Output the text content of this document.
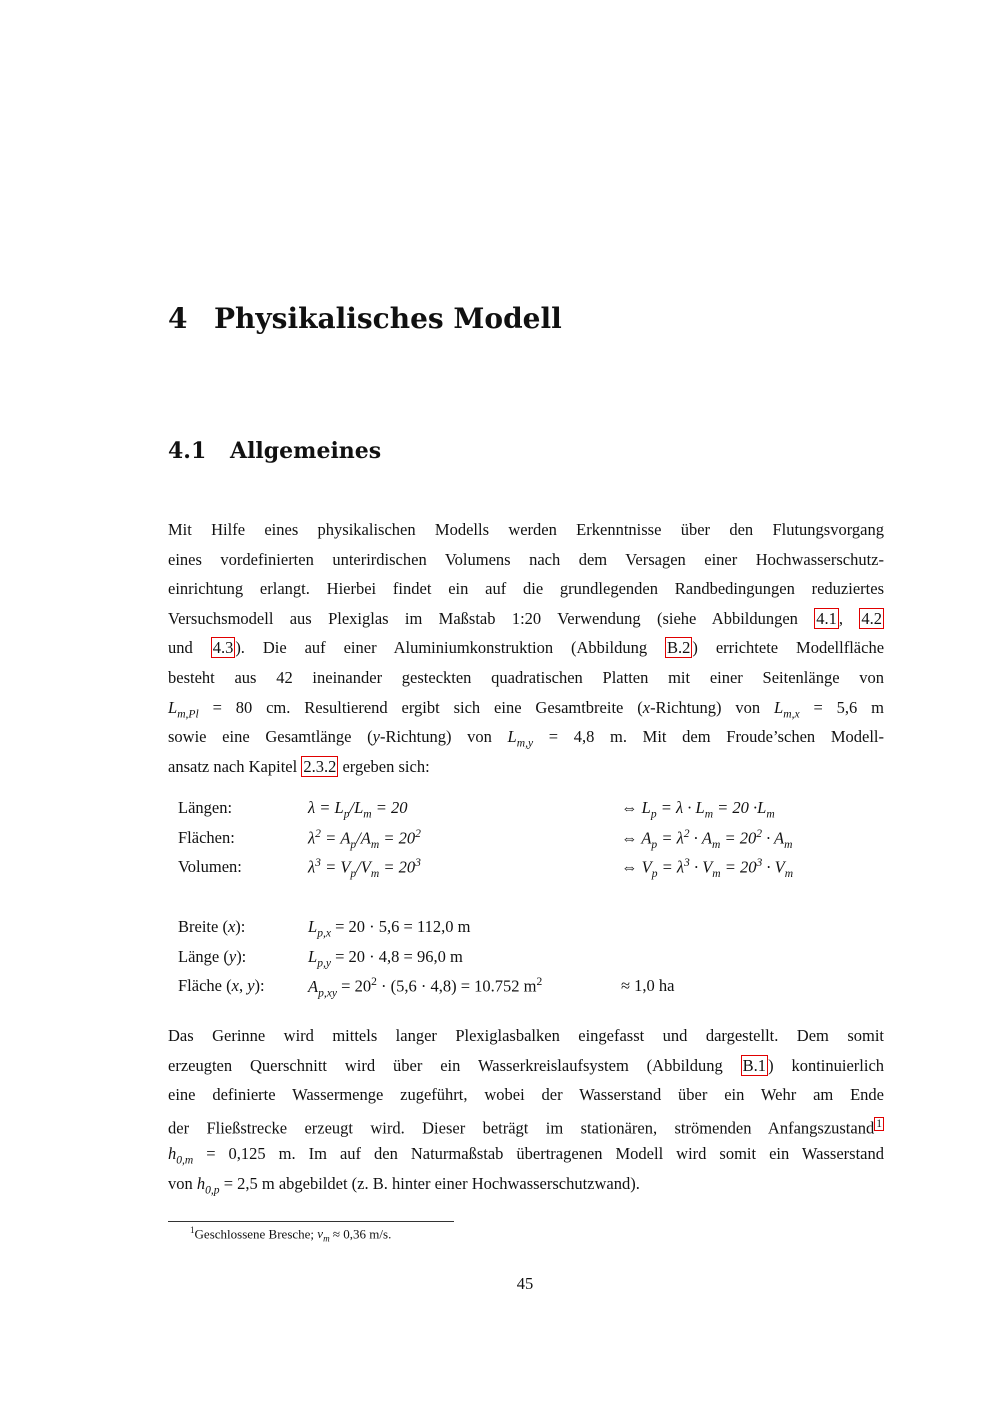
4 Physikalisches Modell
4.1 Allgemeines
Mit Hilfe eines physikalischen Modells werden Erkenntnisse über den Flutungsvorgang
eines vordefinierten unterirdischen Volumens nach dem Versagen einer Hochwasserschutz-
einrichtung erlangt. Hierbei findet ein auf die grundlegenden Randbedingungen reduziertes
Versuchsmodell aus Plexiglas im Maßstab 1:20 Verwendung (siehe Abbildungen 4.1 , 4.2
und 4.3 ). Die auf einer Aluminiumkonstruktion (Abbildung B.2 ) errichtete Modellfläche
besteht aus 42 ineinander gesteckten quadratischen Platten mit einer Seitenlänge von
$L_{m,Pl} = 80$ cm. Resultierend ergibt sich eine Gesamtbreite (x-Richtung) von $L_{m,x} = 5,6$ m
sowie eine Gesamtlänge (y-Richtung) von $L_{m,y} = 4,8$ m. Mit dem Froude’schen Modell-
ansatz nach Kapitel 2.3.2 ergeben sich:
Längen:	$\lambda = L_p/L_m = 20$	⇔ $L_p = \lambda \cdot L_m = 20 \cdot L_m$
Flächen:	$\lambda^2 = A_p/A_m = 20^2$	⇔ $A_p = \lambda^2 \cdot A_m = 20^2 \cdot A_m$
Volumen:	$\lambda^3 = V_p/V_m = 20^3$	⇔ $V_p = \lambda^3 \cdot V_m = 20^3 \cdot V_m$
Breite (x):	$L_{p,x} = 20 \cdot 5,6 = 112,0$ m
Länge (y):	$L_{p,y} = 20 \cdot 4,8 = 96,0$ m
Fläche (x, y):	$A_{p,xy} = 20^2 \cdot (5,6 \cdot 4,8) = 10.752$ $m^2$	≈ 1,0 ha
Das Gerinne wird mittels langer Plexiglasbalken eingefasst und dargestellt. Dem somit
erzeugten Querschnitt wird über ein Wasserkreislaufsystem (Abbildung B.1 ) kontinuierlich
eine definierte Wassermenge zugeführt, wobei der Wasserstand über ein Wehr am Ende
der Fließstrecke erzeugt wird. Dieser beträgt im stationären, strömenden Anfangszustand $^1$
$h_{0,m} = 0,125$ m. Im auf den Naturmaßstab übertragenen Modell wird somit ein Wasserstand
von $h_{0,p} = 2,5$ m abgebildet (z. B. hinter einer Hochwasserschutzwand).
$^1$Geschlossene Bresche; $v_m \approx 0,36$ m/s.
45
